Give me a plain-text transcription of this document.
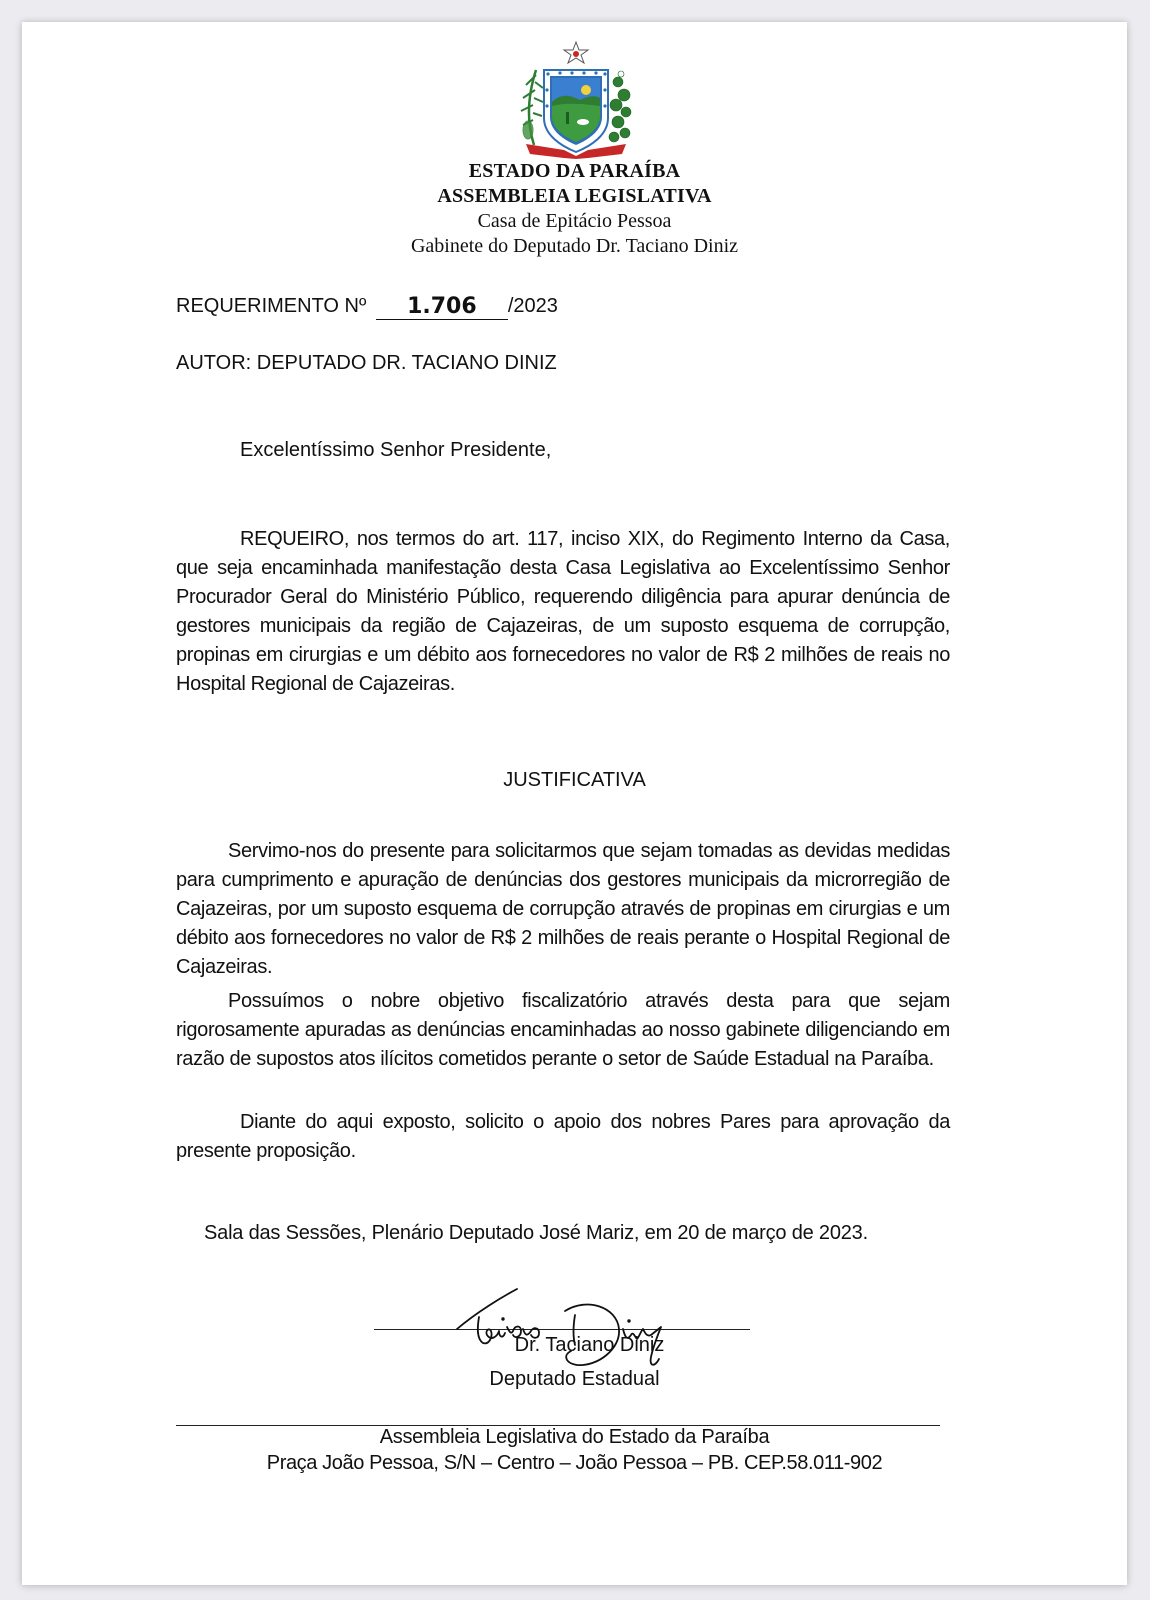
ESTADO DA PARAÍBA
ASSEMBLEIA LEGISLATIVA
Casa de Epitácio Pessoa
Gabinete do Deputado Dr. Taciano Diniz
REQUERIMENTO Nº 1.706 /2023
AUTOR: DEPUTADO DR. TACIANO DINIZ
Excelentíssimo Senhor Presidente,
REQUEIRO, nos termos do art. 117, inciso XIX, do Regimento Interno da Casa, que seja encaminhada manifestação desta Casa Legislativa ao Excelentíssimo Senhor Procurador Geral do Ministério Público, requerendo diligência para apurar denúncia de gestores municipais da região de Cajazeiras, de um suposto esquema de corrupção, propinas em cirurgias e um débito aos fornecedores no valor de R$ 2 milhões de reais no Hospital Regional de Cajazeiras.
JUSTIFICATIVA
Servimo-nos do presente para solicitarmos que sejam tomadas as devidas medidas para cumprimento e apuração de denúncias dos gestores municipais da microrregião de Cajazeiras, por um suposto esquema de corrupção através de propinas em cirurgias e um débito aos fornecedores no valor de R$ 2 milhões de reais perante o Hospital Regional de Cajazeiras.
Possuímos o nobre objetivo fiscalizatório através desta para que sejam rigorosamente apuradas as denúncias encaminhadas ao nosso gabinete diligenciando em razão de supostos atos ilícitos cometidos perante o setor de Saúde Estadual na Paraíba.
Diante do aqui exposto, solicito o apoio dos nobres Pares para aprovação da presente proposição.
Sala das Sessões, Plenário Deputado José Mariz, em 20 de março de 2023.
Dr. Taciano Diniz
Deputado Estadual
Assembleia Legislativa do Estado da Paraíba
Praça João Pessoa, S/N – Centro – João Pessoa – PB. CEP.58.011-902
